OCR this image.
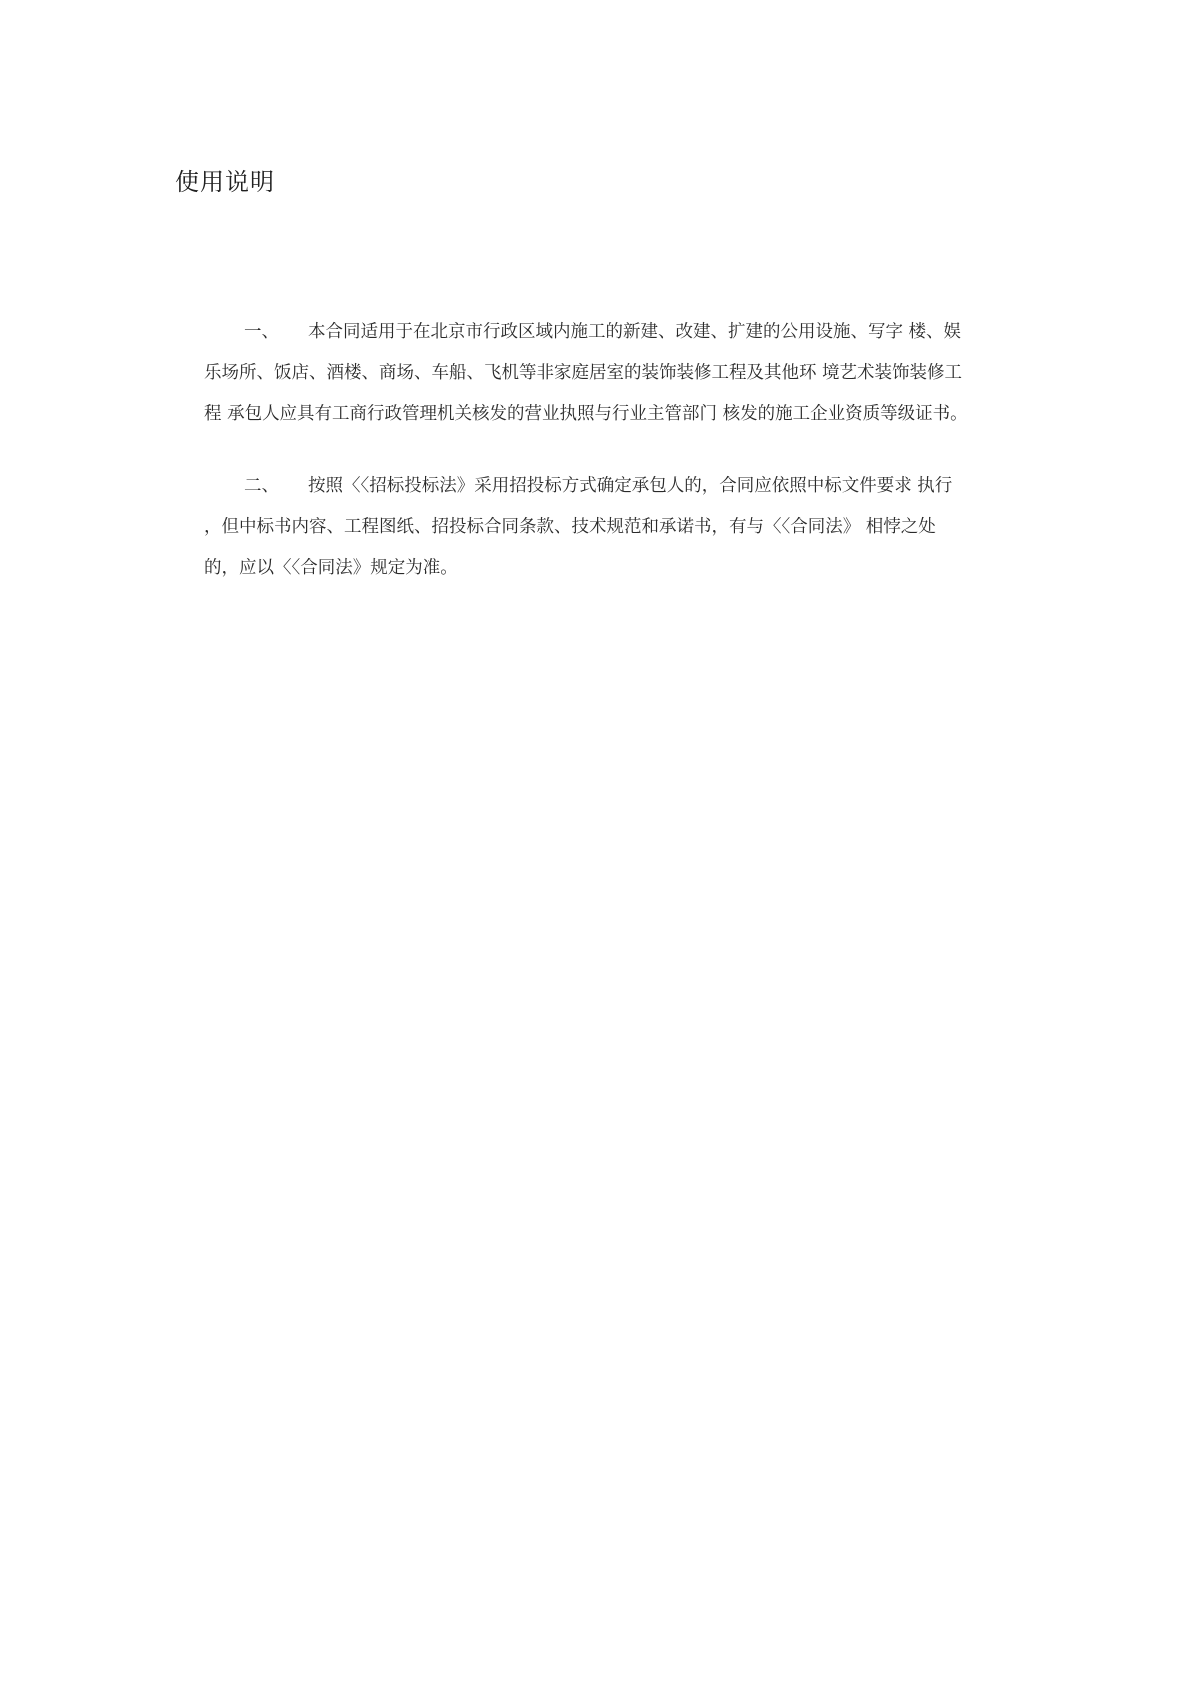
使用说明
一、 本合同适用于在北京市行政区域内施工的新建、改建、扩建的公用设施、写字 楼、娱
乐场所、饭店、酒楼、商场、车船、飞机等非家庭居室的装饰装修工程及其他环 境艺术装饰装修工
程 承包人应具有工商行政管理机关核发的营业执照与行业主管部门 核发的施工企业资质等级证书。
二、 按照〈〈招标投标法》采用招投标方式确定承包人的，合同应依照中标文件要求 执行
，但中标书内容、工程图纸、招投标合同条款、技术规范和承诺书，有与〈〈合同法》 相悖之处
的，应以〈〈合同法》规定为准。
